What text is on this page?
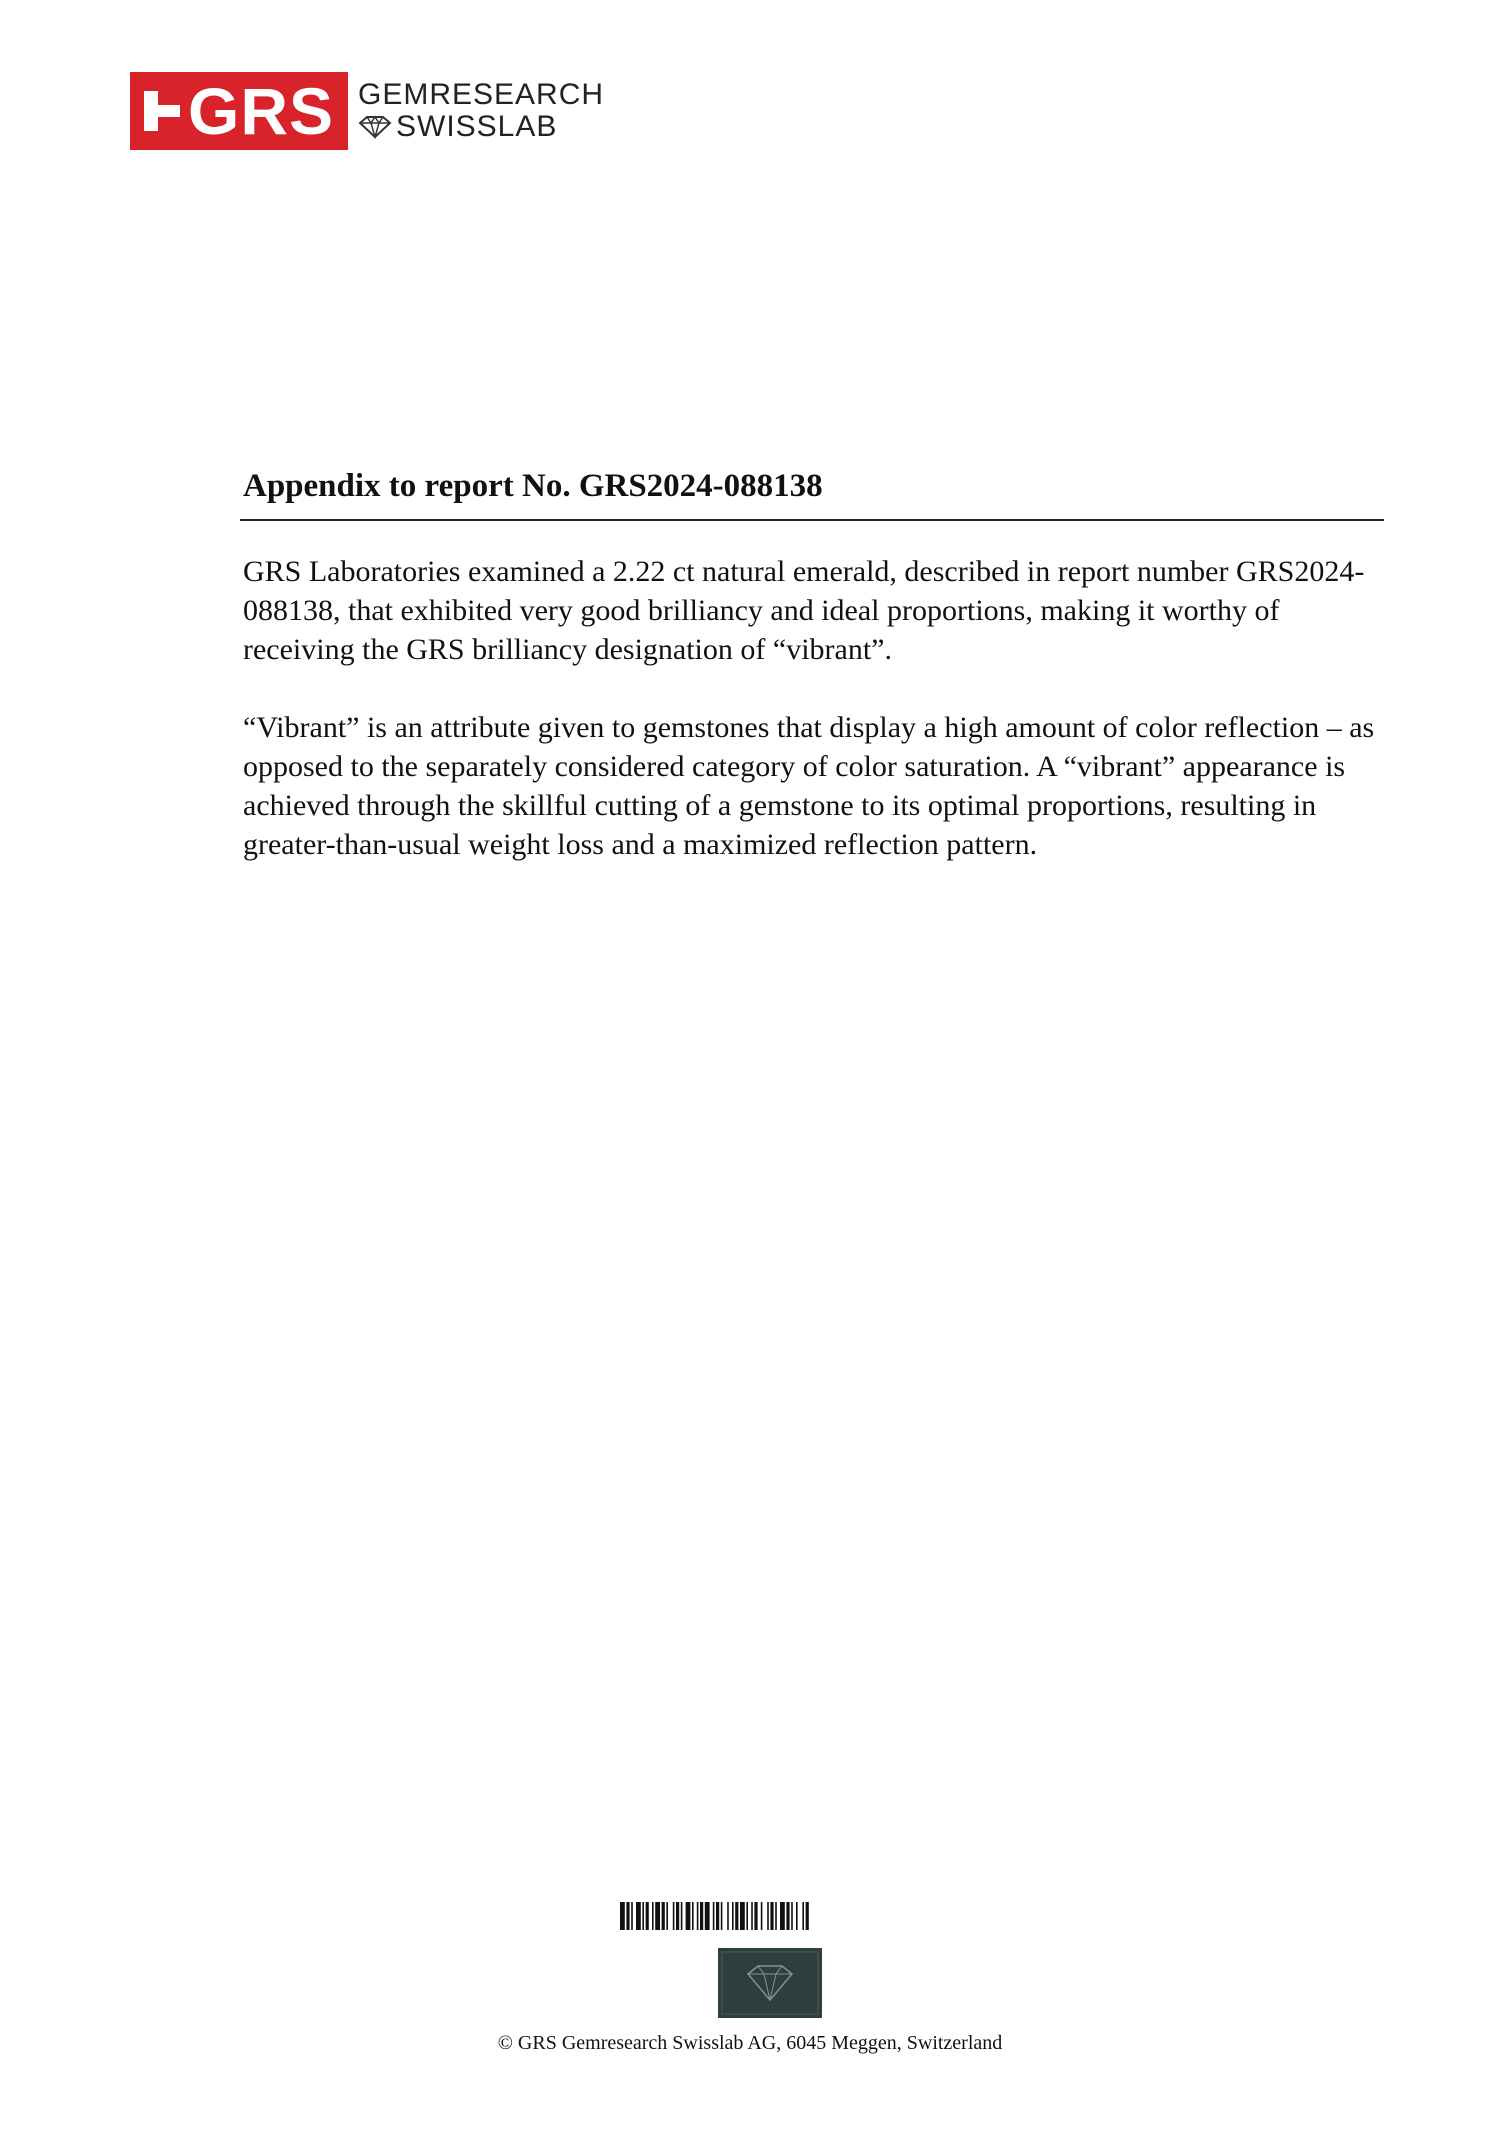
GRS GEMRESEARCH
SWISSLAB
Appendix to report No. GRS2024-088138

GRS Laboratories examined a 2.22 ct natural emerald, described in report number GRS2024-088138, that exhibited very good brilliancy and ideal proportions, making it worthy of receiving the GRS brilliancy designation of “vibrant”.

“Vibrant” is an attribute given to gemstones that display a high amount of color reflection – as opposed to the separately considered category of color saturation. A “vibrant” appearance is achieved through the skillful cutting of a gemstone to its optimal proportions, resulting in greater-than-usual weight loss and a maximized reflection pattern.

© GRS Gemresearch Swisslab AG, 6045 Meggen, Switzerland
